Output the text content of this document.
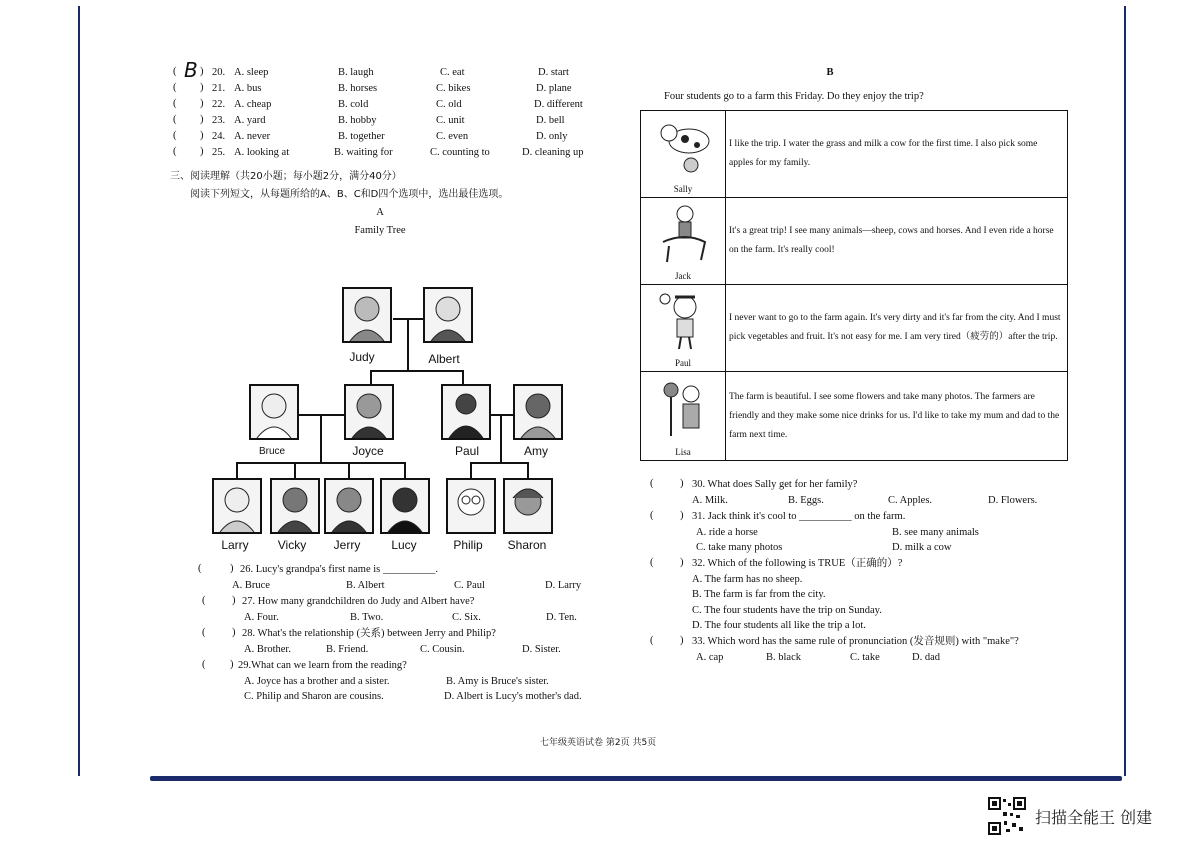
( B )
( )
( )
( )
( )
( )
20. A. sleep	B. laugh	C. eat	D. start
21. A. bus	B. horses	C. bikes	D. plane
22. A. cheap	B. cold	C. old	D. different
23. A. yard	B. hobby	C. unit	D. bell
24. A. never	B. together	C. even	D. only
25. A. looking at	B. waiting for	C. counting to	D. cleaning up
三、阅读理解（共20小题；每小题2分，满分40分）
阅读下列短文，从每题所给的A、B、C和D四个选项中，选出最佳选项。
A
Family Tree
Judy	Albert
Bruce	Joyce	Paul	Amy
Larry	Vicky	Jerry	Lucy	Philip	Sharon
(	) 26. Lucy's grandpa's first name is __________.
A. Bruce	B. Albert	C. Paul	D. Larry
(	) 27. How many grandchildren do Judy and Albert have?
A. Four.	B. Two.	C. Six.	D. Ten.
(	) 28. What's the relationship (关系) between Jerry and Philip?
A. Brother.	B. Friend.	C. Cousin.	D. Sister.
( ) 29.What can we learn from the reading?
A. Joyce has a brother and a sister.	B. Amy is Bruce's sister.
C. Philip and Sharon are cousins.	D. Albert is Lucy's mother's dad.
B
Four students go to a farm this Friday. Do they enjoy the trip?
Sally
I like the trip. I water the grass and milk a cow for the first time. I also pick some apples for my family.
Jack
It's a great trip! I see many animals—sheep, cows and horses. And I even ride a horse on the farm. It's really cool!
Paul
I never want to go to the farm again. It's very dirty and it's far from the city. And I must pick vegetables and fruit. It's not easy for me. I am very tired（疲劳的）after the trip.
Lisa
The farm is beautiful. I see some flowers and take many photos. The farmers are friendly and they make some nice drinks for us. I'd like to take my mum and dad to the farm next time.
(	) 30. What does Sally get for her family?
A. Milk.	B. Eggs.	C. Apples.	D. Flowers.
(	) 31. Jack think it's cool to __________ on the farm.
A. ride a horse	B. see many animals
C. take many photos	D. milk a cow
(	) 32. Which of the following is TRUE（正确的）?
A. The farm has no sheep.
B. The farm is far from the city.
C. The four students have the trip on Sunday.
D. The four students all like the trip a lot.
(	) 33. Which word has the same rule of pronunciation (发音规则) with "make"?
A. cap	B. black	C. take	D. dad
七年级英语试卷 第2页 共5页
扫描全能王 创建
